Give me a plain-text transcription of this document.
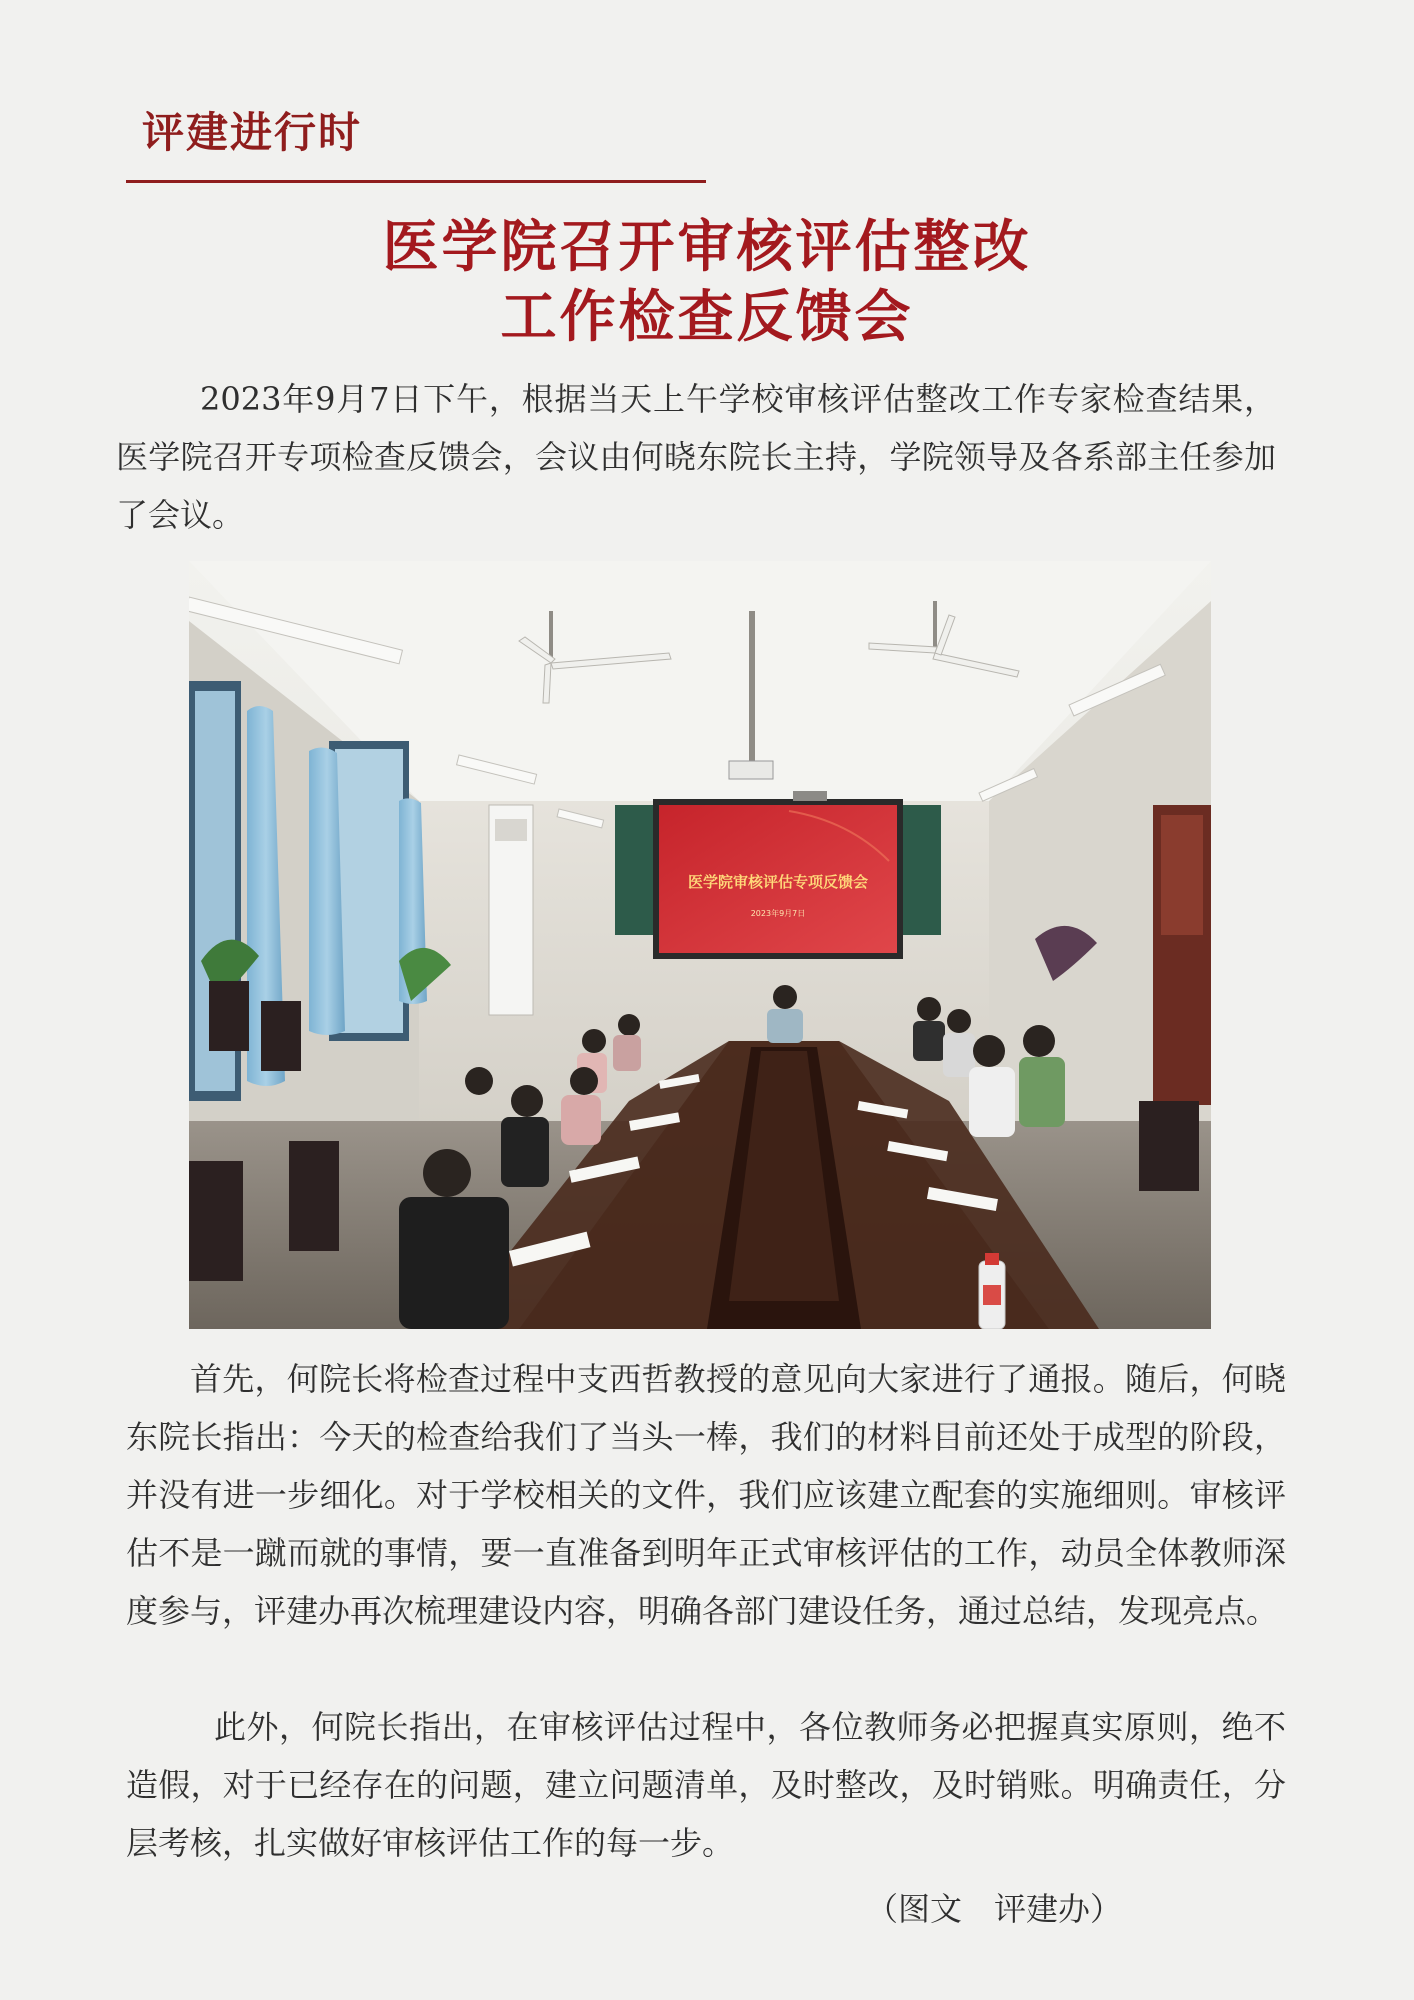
评建进行时
医学院召开审核评估整改
工作检查反馈会

2023年9月7日下午，根据当天上午学校审核评估整改工作专家检查结果，医学院召开专项检查反馈会，会议由何晓东院长主持，学院领导及各系部主任参加了会议。

医学院审核评估专项反馈会
2023年9月7日

首先，何院长将检查过程中支西哲教授的意见向大家进行了通报。随后，何晓东院长指出：今天的检查给我们了当头一棒，我们的材料目前还处于成型的阶段，并没有进一步细化。对于学校相关的文件，我们应该建立配套的实施细则。审核评估不是一蹴而就的事情，要一直准备到明年正式审核评估的工作，动员全体教师深度参与，评建办再次梳理建设内容，明确各部门建设任务，通过总结，发现亮点。

此外，何院长指出，在审核评估过程中，各位教师务必把握真实原则，绝不造假，对于已经存在的问题，建立问题清单，及时整改，及时销账。明确责任，分层考核，扎实做好审核评估工作的每一步。

（图文　评建办）
